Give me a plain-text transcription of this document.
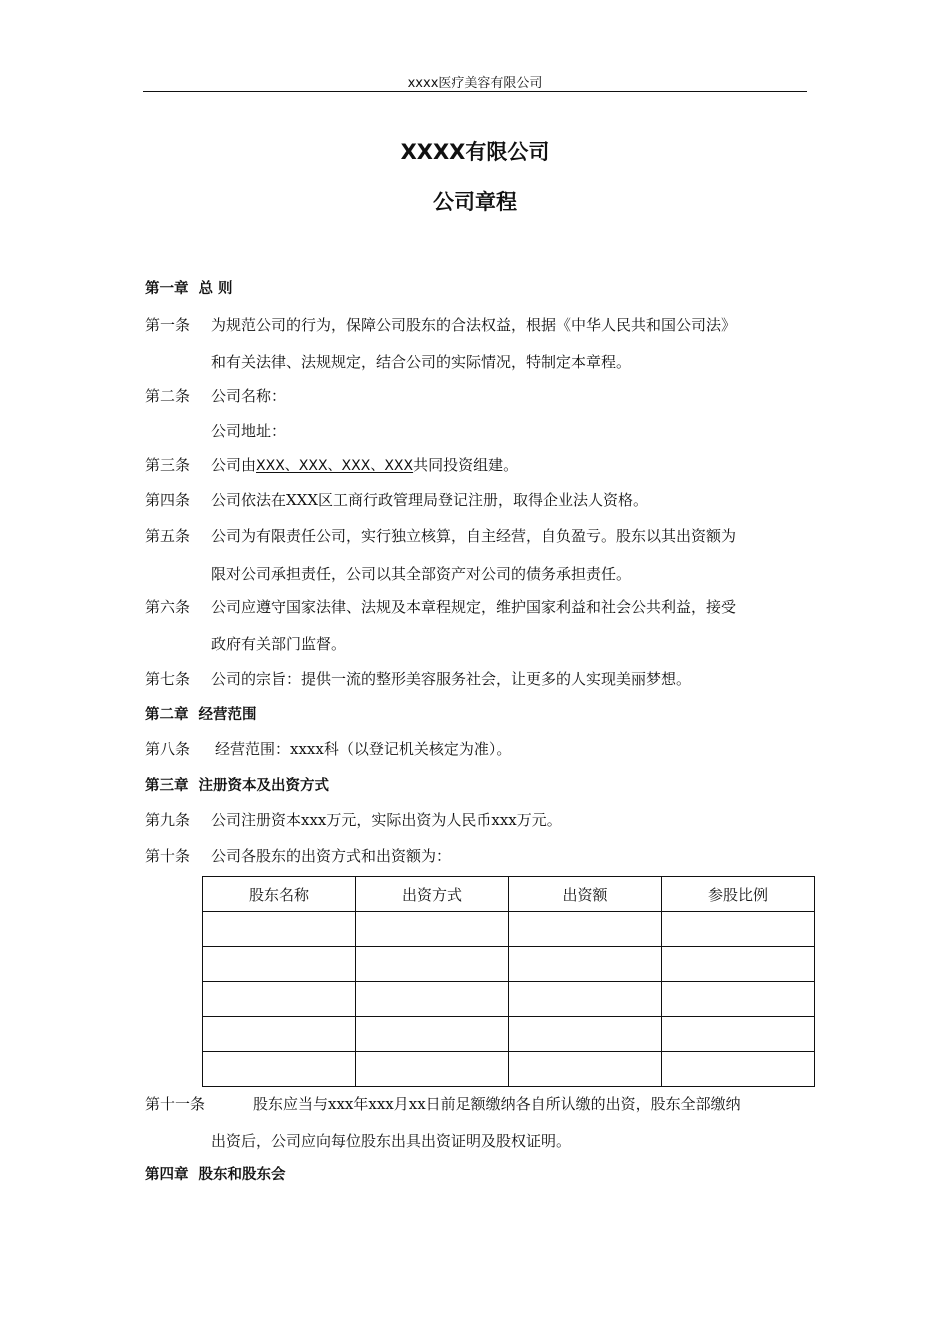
xxxx医疗美容有限公司
XXXX有限公司
公司章程
第一章 总 则
第一条 为规范公司的行为，保障公司股东的合法权益，根据《中华人民共和国公司法》
和有关法律、法规规定，结合公司的实际情况，特制定本章程。
第二条 公司名称：
公司地址：
第三条 公司由XXX、XXX、XXX、XXX共同投资组建。
第四条 公司依法在XXX区工商行政管理局登记注册，取得企业法人资格。
第五条 公司为有限责任公司，实行独立核算，自主经营，自负盈亏。股东以其出资额为
限对公司承担责任，公司以其全部资产对公司的债务承担责任。
第六条 公司应遵守国家法律、法规及本章程规定，维护国家利益和社会公共利益，接受
政府有关部门监督。
第七条 公司的宗旨：提供一流的整形美容服务社会，让更多的人实现美丽梦想。
第二章 经营范围
第八条 经营范围：xxxx科（以登记机关核定为准）。
第三章 注册资本及出资方式
第九条 公司注册资本xxx万元，实际出资为人民币xxx万元。
第十条 公司各股东的出资方式和出资额为：
股东名称	出资方式	出资额	参股比例

第十一条	股东应当与xxx年xxx月xx日前足额缴纳各自所认缴的出资，股东全部缴纳
出资后，公司应向每位股东出具出资证明及股权证明。
第四章 股东和股东会
